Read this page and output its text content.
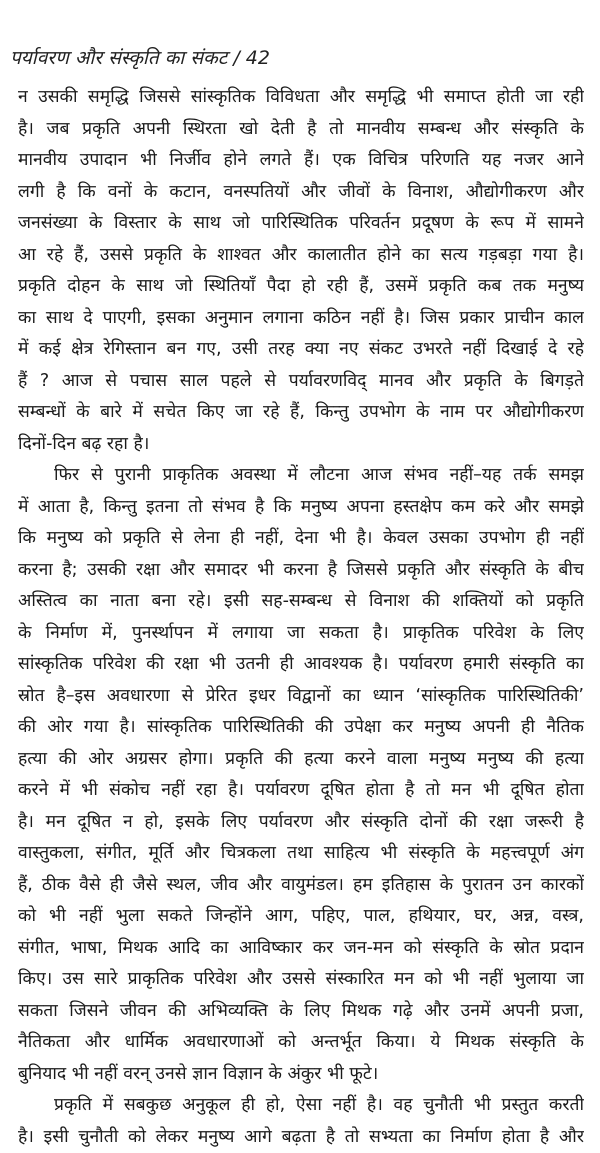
पर्यावरण और संस्कृति का संकट / 42
न उसकी समृद्धि जिससे सांस्कृतिक विविधता और समृद्धि भी समाप्त होती जा रही
है। जब प्रकृति अपनी स्थिरता खो देती है तो मानवीय सम्बन्ध और संस्कृति के
मानवीय उपादान भी निर्जीव होने लगते हैं। एक विचित्र परिणति यह नजर आने
लगी है कि वनों के कटान, वनस्पतियों और जीवों के विनाश, औद्योगीकरण और
जनसंख्या के विस्तार के साथ जो पारिस्थितिक परिवर्तन प्रदूषण के रूप में सामने
आ रहे हैं, उससे प्रकृति के शाश्वत और कालातीत होने का सत्य गड़बड़ा गया है।
प्रकृति दोहन के साथ जो स्थितियाँ पैदा हो रही हैं, उसमें प्रकृति कब तक मनुष्य
का साथ दे पाएगी, इसका अनुमान लगाना कठिन नहीं है। जिस प्रकार प्राचीन काल
में कई क्षेत्र रेगिस्तान बन गए, उसी तरह क्या नए संकट उभरते नहीं दिखाई दे रहे
हैं ? आज से पचास साल पहले से पर्यावरणविद् मानव और प्रकृति के बिगड़ते
सम्बन्धों के बारे में सचेत किए जा रहे हैं, किन्तु उपभोग के नाम पर औद्योगीकरण
दिनों-दिन बढ़ रहा है।
फिर से पुरानी प्राकृतिक अवस्था में लौटना आज संभव नहीं–यह तर्क समझ
में आता है, किन्तु इतना तो संभव है कि मनुष्य अपना हस्तक्षेप कम करे और समझे
कि मनुष्य को प्रकृति से लेना ही नहीं, देना भी है। केवल उसका उपभोग ही नहीं
करना है; उसकी रक्षा और समादर भी करना है जिससे प्रकृति और संस्कृति के बीच
अस्तित्व का नाता बना रहे। इसी सह-सम्बन्ध से विनाश की शक्तियों को प्रकृति
के निर्माण में, पुनर्स्थापन में लगाया जा सकता है। प्राकृतिक परिवेश के लिए
सांस्कृतिक परिवेश की रक्षा भी उतनी ही आवश्यक है। पर्यावरण हमारी संस्कृति का
स्रोत है–इस अवधारणा से प्रेरित इधर विद्वानों का ध्यान ‘सांस्कृतिक पारिस्थितिकी’
की ओर गया है। सांस्कृतिक पारिस्थितिकी की उपेक्षा कर मनुष्य अपनी ही नैतिक
हत्या की ओर अग्रसर होगा। प्रकृति की हत्या करने वाला मनुष्य मनुष्य की हत्या
करने में भी संकोच नहीं रहा है। पर्यावरण दूषित होता है तो मन भी दूषित होता
है। मन दूषित न हो, इसके लिए पर्यावरण और संस्कृति दोनों की रक्षा जरूरी है
वास्तुकला, संगीत, मूर्ति और चित्रकला तथा साहित्य भी संस्कृति के महत्त्वपूर्ण अंग
हैं, ठीक वैसे ही जैसे स्थल, जीव और वायुमंडल। हम इतिहास के पुरातन उन कारकों
को भी नहीं भुला सकते जिन्होंने आग, पहिए, पाल, हथियार, घर, अन्न, वस्त्र,
संगीत, भाषा, मिथक आदि का आविष्कार कर जन-मन को संस्कृति के स्रोत प्रदान
किए। उस सारे प्राकृतिक परिवेश और उससे संस्कारित मन को भी नहीं भुलाया जा
सकता जिसने जीवन की अभिव्यक्ति के लिए मिथक गढ़े और उनमें अपनी प्रजा,
नैतिकता और धार्मिक अवधारणाओं को अन्तर्भूत किया। ये मिथक संस्कृति के
बुनियाद भी नहीं वरन् उनसे ज्ञान विज्ञान के अंकुर भी फूटे।
प्रकृति में सबकुछ अनुकूल ही हो, ऐसा नहीं है। वह चुनौती भी प्रस्तुत करती
है। इसी चुनौती को लेकर मनुष्य आगे बढ़ता है तो सभ्यता का निर्माण होता है और
